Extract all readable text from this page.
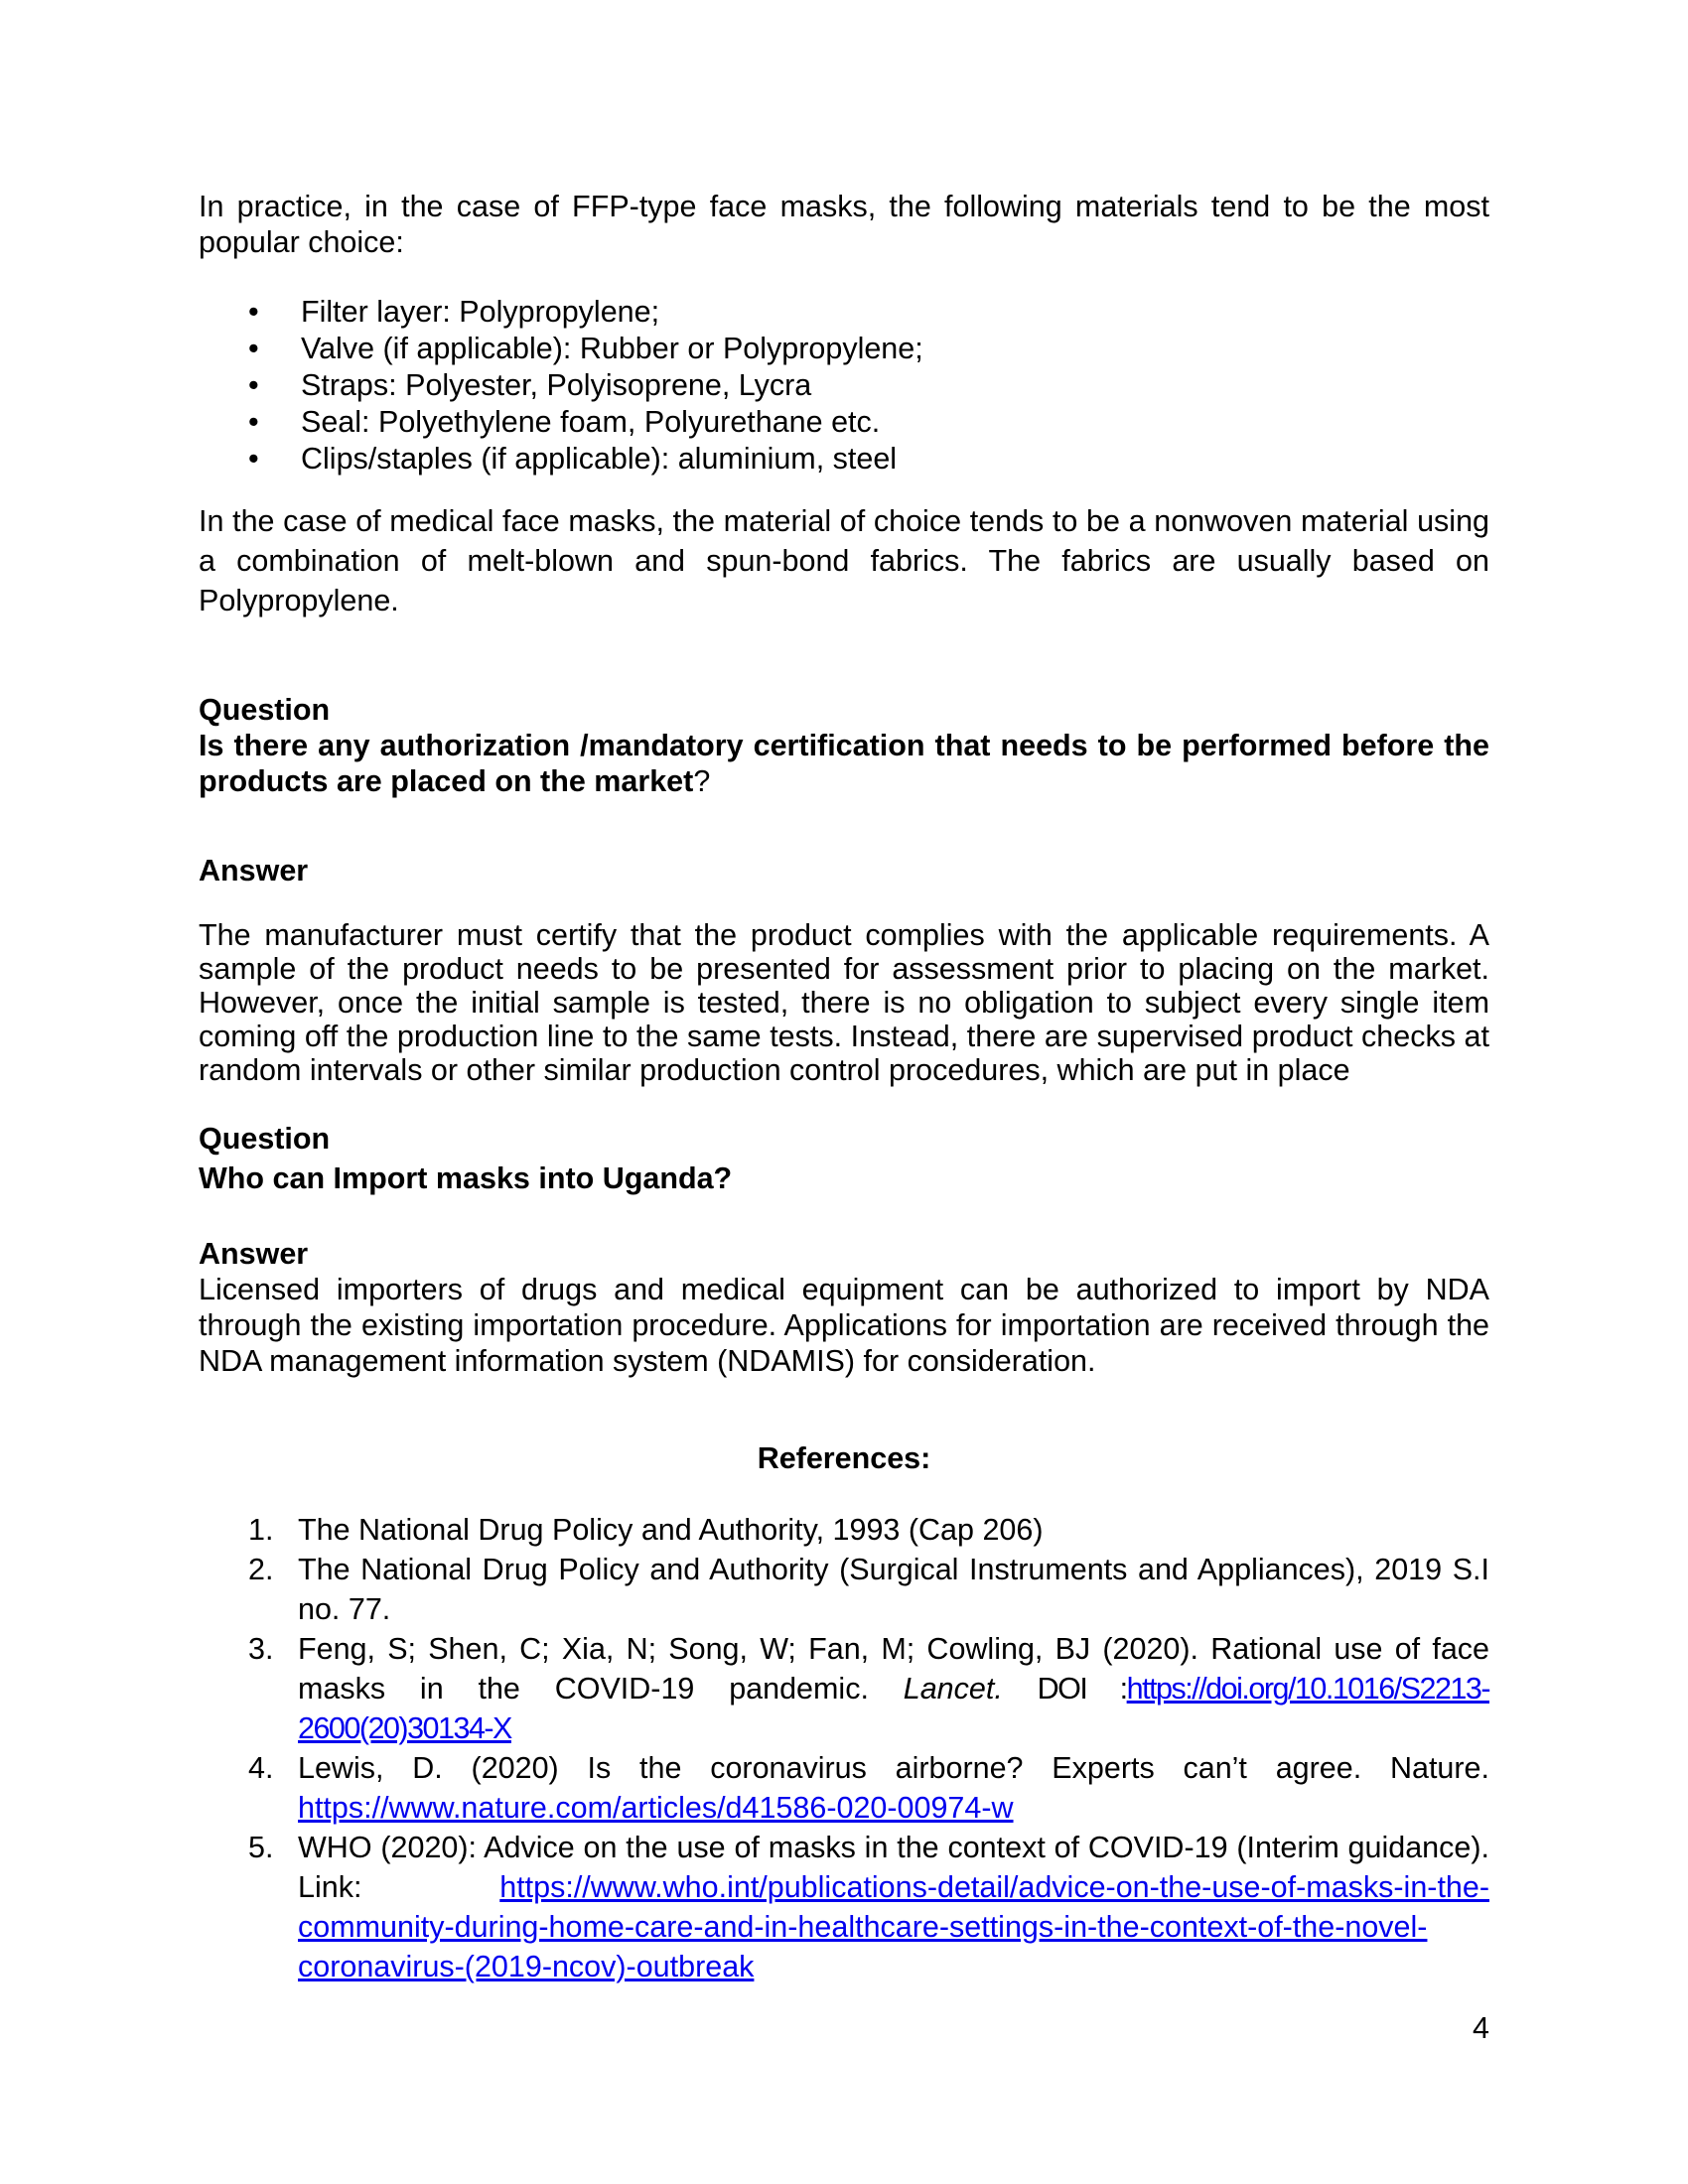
In practice, in the case of FFP-type face masks, the following materials tend to be the most popular choice:

•
Filter layer: Polypropylene;
•
Valve (if applicable): Rubber or Polypropylene;
•
Straps: Polyester, Polyisoprene, Lycra
•
Seal: Polyethylene foam, Polyurethane etc.
•
Clips/staples (if applicable): aluminium, steel

In the case of medical face masks, the material of choice tends to be a nonwoven material using a combination of melt-blown and spun-bond fabrics. The fabrics are usually based on Polypropylene.

Question

Is there any authorization /mandatory certification that needs to be performed before the products are placed on the market?

Answer

The manufacturer must certify that the product complies with the applicable requirements. A sample of the product needs to be presented for assessment prior to placing on the market. However, once the initial sample is tested, there is no obligation to subject every single item coming off the production line to the same tests. Instead, there are supervised product checks at random intervals or other similar production control procedures, which are put in place

Question

Who can Import masks into Uganda?

Answer

Licensed importers of drugs and medical equipment can be authorized to import by NDA through the existing importation procedure. Applications for importation are received through the NDA management information system (NDAMIS) for consideration.

References:
1. The National Drug Policy and Authority, 1993 (Cap 206)
2. The National Drug Policy and Authority (Surgical Instruments and Appliances), 2019 S.I no. 77.
3. Feng, S; Shen, C; Xia, N; Song, W; Fan, M; Cowling, BJ (2020). Rational use of face masks in the COVID-19 pandemic. Lancet. DOI :https://doi.org/10.1016/S2213-2600(20)30134-X
4. Lewis, D. (2020) Is the coronavirus airborne? Experts can’t agree. Nature. https://www.nature.com/articles/d41586-020-00974-w
5. WHO (2020): Advice on the use of masks in the context of COVID-19 (Interim guidance). Link: https://www.who.int/publications-detail/advice-on-the-use-of-masks-in-the-community-during-home-care-and-in-healthcare-settings-in-the-context-of-the-novel-coronavirus-(2019-ncov)-outbreak
4
